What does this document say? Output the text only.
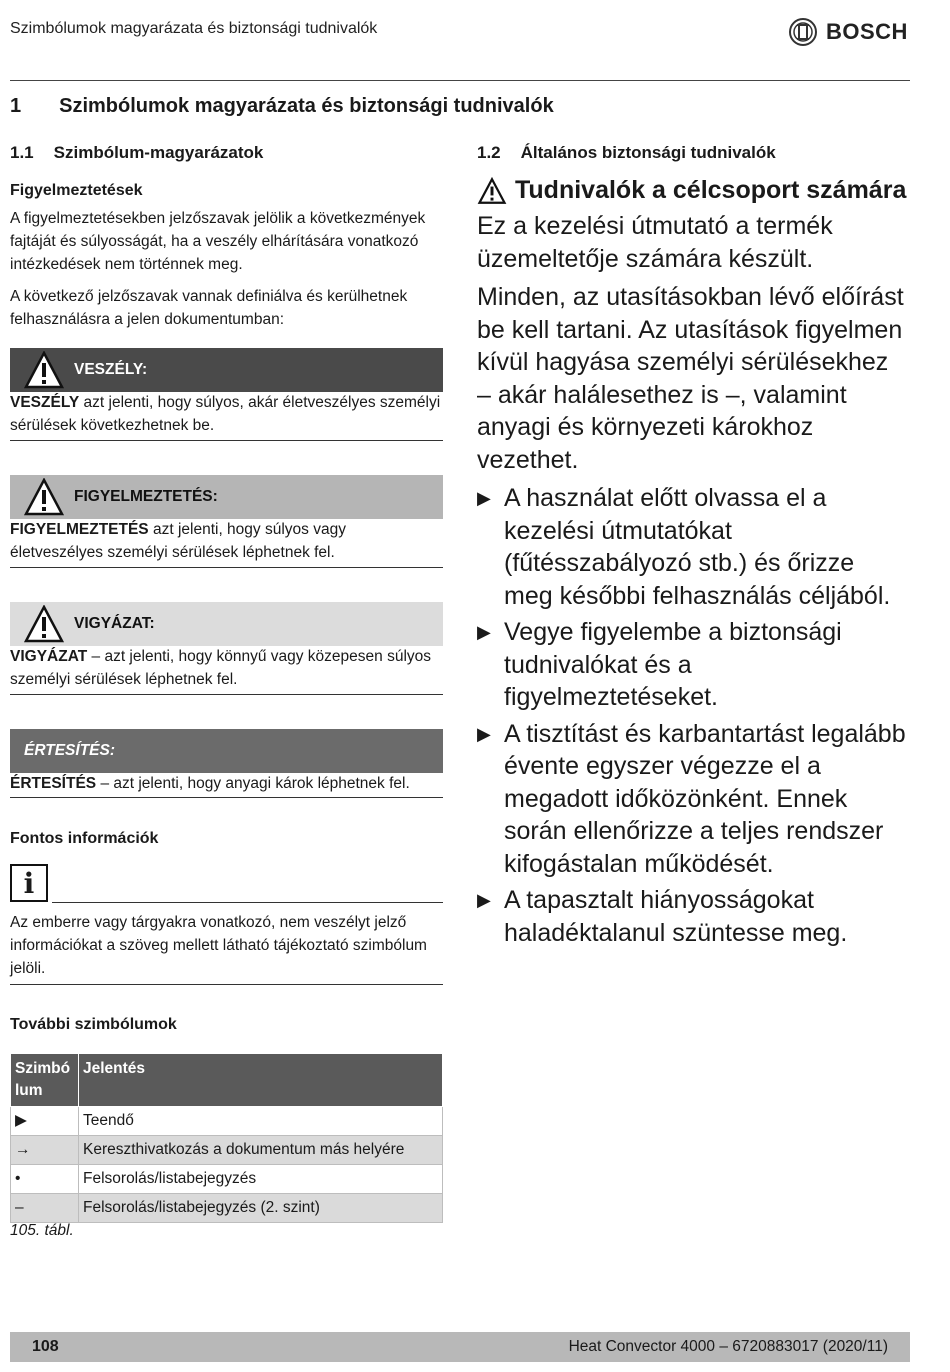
Szimbólumok magyarázata és biztonsági tudnivalók	BOSCH
1 Szimbólumok magyarázata és biztonsági tudnivalók
1.1 Szimbólum-magyarázatok
Figyelmeztetések

A figyelmeztetésekben jelzőszavak jelölik a következmények fajtáját és súlyosságát, ha a veszély elhárítására vonatkozó intézkedések nem történnek meg.

A következő jelzőszavak vannak definiálva és kerülhetnek felhasználásra a jelen dokumentumban:

VESZÉLY:

VESZÉLY azt jelenti, hogy súlyos, akár életveszélyes személyi sérülések következhetnek be.

FIGYELMEZTETÉS:

FIGYELMEZTETÉS azt jelenti, hogy súlyos vagy életveszélyes személyi sérülések léphetnek fel.

VIGYÁZAT:

VIGYÁZAT – azt jelenti, hogy könnyű vagy közepesen súlyos személyi sérülések léphetnek fel.

ÉRTESÍTÉS:

ÉRTESÍTÉS – azt jelenti, hogy anyagi károk léphetnek fel.

Fontos információk
i

Az emberre vagy tárgyakra vonatkozó, nem veszélyt jelző információkat a szöveg mellett látható tájékoztató szimbólum jelöli.

További szimbólumok
Szimbó lum	Jelentés
▶	Teendő
→	Kereszthivatkozás a dokumentum más helyére
•	Felsorolás/listabejegyzés
–	Felsorolás/listabejegyzés (2. szint)
105. tábl.
1.2 Általános biztonsági tudnivalók
Tudnivalók a célcsoport számára

Ez a kezelési útmutató a termék üzemeltetője számára készült.

Minden, az utasításokban lévő előírást be kell tartani. Az utasítások figyelmen kívül hagyása személyi sérülésekhez – akár halálesethez is –, valamint anyagi és környezeti károkhoz vezethet.

▶ A használat előtt olvassa el a kezelési útmutatókat (fűtésszabályozó stb.) és őrizze meg későbbi felhasználás céljából.
▶ Vegye figyelembe a biztonsági tudnivalókat és a figyelmeztetéseket.
▶ A tisztítást és karbantartást legalább évente egyszer végezze el a megadott időközönként. Ennek során ellenőrizze a teljes rendszer kifogástalan működését.
▶ A tapasztalt hiányosságokat haladéktalanul szüntesse meg.
108	Heat Convector 4000 – 6720883017 (2020/11)
